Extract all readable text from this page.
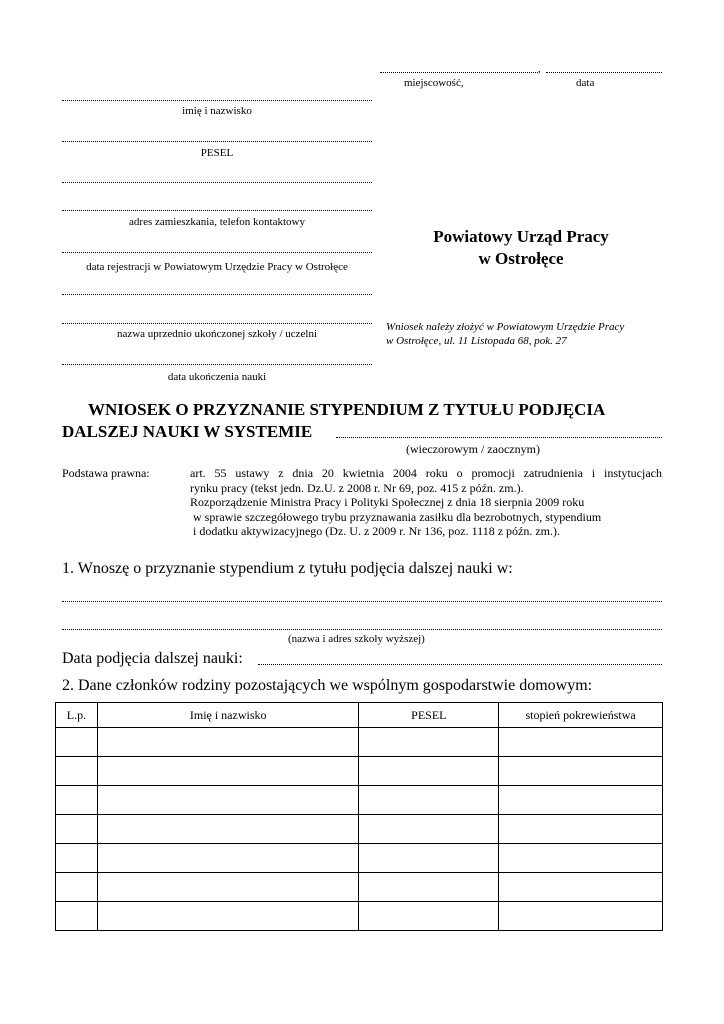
,
miejscowość,	data
imię i nazwisko
PESEL
adres zamieszkania, telefon kontaktowy
data rejestracji w Powiatowym Urzędzie Pracy w Ostrołęce
nazwa uprzednio ukończonej szkoły / uczelni
data ukończenia nauki
Powiatowy Urząd Pracy
w Ostrołęce
Wniosek należy złożyć w Powiatowym Urzędzie Pracy
w Ostrołęce, ul. 11 Listopada 68, pok. 27
WNIOSEK O PRZYZNANIE STYPENDIUM Z TYTUŁU PODJĘCIA
DALSZEJ NAUKI W SYSTEMIE
(wieczorowym / zaocznym)
Podstawa prawna:	art. 55 ustawy z dnia 20 kwietnia 2004 roku o promocji zatrudnienia i instytucjach

rynku pracy (tekst jedn. Dz.U. z 2008 r. Nr 69, poz. 415 z późn. zm.).

Rozporządzenie Ministra Pracy i Polityki Społecznej z dnia 18 sierpnia 2009 roku

w sprawie szczegółowego trybu przyznawania zasiłku dla bezrobotnych, stypendium

i dodatku aktywizacyjnego (Dz. U. z 2009 r. Nr 136, poz. 1118 z późn. zm.).

1. Wnoszę o przyznanie stypendium z tytułu podjęcia dalszej nauki w:
(nazwa i adres szkoły wyższej)
Data podjęcia dalszej nauki:
2. Dane członków rodziny pozostających we wspólnym gospodarstwie domowym:
L.p.	Imię i nazwisko	PESEL	stopień pokrewieństwa
